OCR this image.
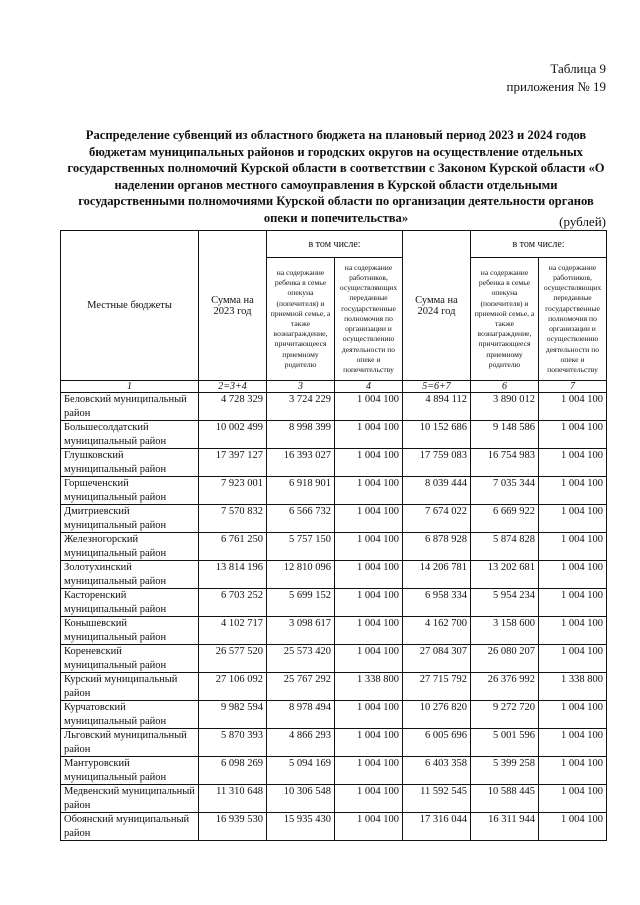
Таблица 9
приложения № 19
Распределение субвенций из областного бюджета на плановый период 2023 и 2024 годов бюджетам муниципальных районов и городских округов на осуществление отдельных государственных полномочий Курской области в соответствии с Законом Курской области «О наделении органов местного самоуправления в Курской области отдельными государственными полномочиями Курской области по организации деятельности органов опеки и попечительства»	(рублей)
Местные бюджеты	Сумма на 2023 год	в том числе:		Сумма на 2024 год	в том числе:	
		на содержание ребенка в семье опекуна (попечителя) и приемной семье, а также вознаграждение, причитающееся приемному родителю	на содержание работников, осуществляющих переданные государственные полномочия по организации и осуществлению деятельности по опеке и попечительству		на содержание ребенка в семье опекуна (попечителя) и приемной семье, а также вознаграждение, причитающееся приемному родителю	на содержание работников, осуществляющих переданные государственные полномочия по организации и осуществлению деятельности по опеке и попечительству
1	2=3+4	3	4	5=6+7	6	7
Беловский муниципальный район	4 728 329	3 724 229	1 004 100	4 894 112	3 890 012	1 004 100
Большесолдатский муниципальный район	10 002 499	8 998 399	1 004 100	10 152 686	9 148 586	1 004 100
Глушковский муниципальный район	17 397 127	16 393 027	1 004 100	17 759 083	16 754 983	1 004 100
Горшеченский муниципальный район	7 923 001	6 918 901	1 004 100	8 039 444	7 035 344	1 004 100
Дмитриевский муниципальный район	7 570 832	6 566 732	1 004 100	7 674 022	6 669 922	1 004 100
Железногорский муниципальный район	6 761 250	5 757 150	1 004 100	6 878 928	5 874 828	1 004 100
Золотухинский муниципальный район	13 814 196	12 810 096	1 004 100	14 206 781	13 202 681	1 004 100
Касторенский муниципальный район	6 703 252	5 699 152	1 004 100	6 958 334	5 954 234	1 004 100
Конышевский муниципальный район	4 102 717	3 098 617	1 004 100	4 162 700	3 158 600	1 004 100
Кореневский муниципальный район	26 577 520	25 573 420	1 004 100	27 084 307	26 080 207	1 004 100
Курский муниципальный район	27 106 092	25 767 292	1 338 800	27 715 792	26 376 992	1 338 800
Курчатовский муниципальный район	9 982 594	8 978 494	1 004 100	10 276 820	9 272 720	1 004 100
Льговский муниципальный район	5 870 393	4 866 293	1 004 100	6 005 696	5 001 596	1 004 100
Мантуровский муниципальный район	6 098 269	5 094 169	1 004 100	6 403 358	5 399 258	1 004 100
Медвенский муниципальный район	11 310 648	10 306 548	1 004 100	11 592 545	10 588 445	1 004 100
Обоянский муниципальный район	16 939 530	15 935 430	1 004 100	17 316 044	16 311 944	1 004 100
